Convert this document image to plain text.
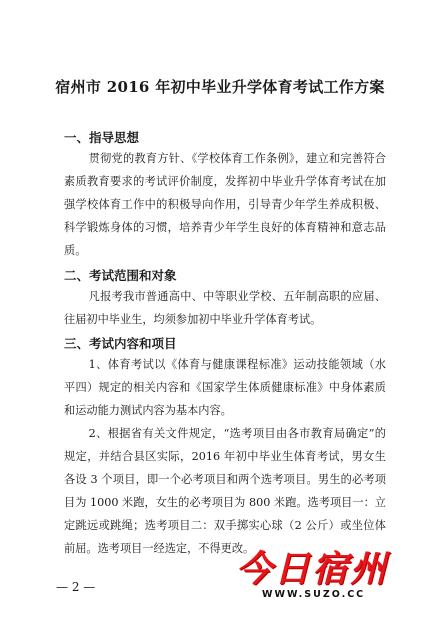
宿州市 2016 年初中毕业升学体育考试工作方案
一、指导思想

贯彻党的教育方针、《学校体育工作条例》，建立和完善符合素质教育要求的考试评价制度，发挥初中毕业升学体育考试在加强学校体育工作中的积极导向作用，引导青少年学生养成积极、科学锻炼身体的习惯，培养青少年学生良好的体育精神和意志品质。

二、考试范围和对象

凡报考我市普通高中、中等职业学校、五年制高职的应届、往届初中毕业生，均须参加初中毕业升学体育考试。

三、考试内容和项目

1、体育考试以《体育与健康课程标准》运动技能领域（水平四）规定的相关内容和《国家学生体质健康标准》中身体素质和运动能力测试内容为基本内容。

2、根据省有关文件规定，“选考项目由各市教育局确定”的规定，并结合县区实际，2016 年初中毕业生体育考试，男女生各设 3 个项目，即一个必考项目和两个选考项目。男生的必考项目为 1000 米跑，女生的必考项目为 800 米跑。选考项目一：立定跳远或跳绳；选考项目二：双手掷实心球（2 公斤）或坐位体前屈。选考项目一经选定，不得更改。

— 2 —	今日宿州
WWW.SUZO.CC
